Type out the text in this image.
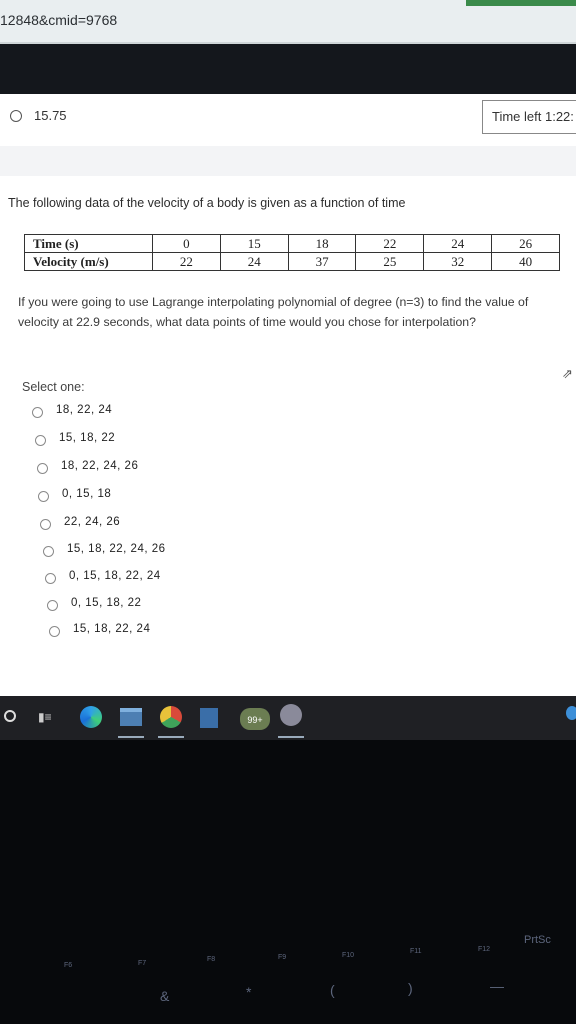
12848&cmid=9768
15.75	Time left 1:22:
The following data of the velocity of a body is given as a function of time
Time (s)	0	15	18	22	24	26
Velocity (m/s)	22	24	37	25	32	40
If you were going to use Lagrange interpolating polynomial of degree (n=3) to find the value of velocity at 22.9 seconds, what data points of time would you chose for interpolation?
⇗
Select one:
18, 22, 24
15, 18, 22
18, 22, 24, 26
0, 15, 18
22, 24, 26
15, 18, 22, 24, 26
0, 15, 18, 22, 24
0, 15, 18, 22
15, 18, 22, 24
▮≡	99+
F6	F7
F8	F9	F10
F11	F12
PrtSc
&	*	(	)	—
